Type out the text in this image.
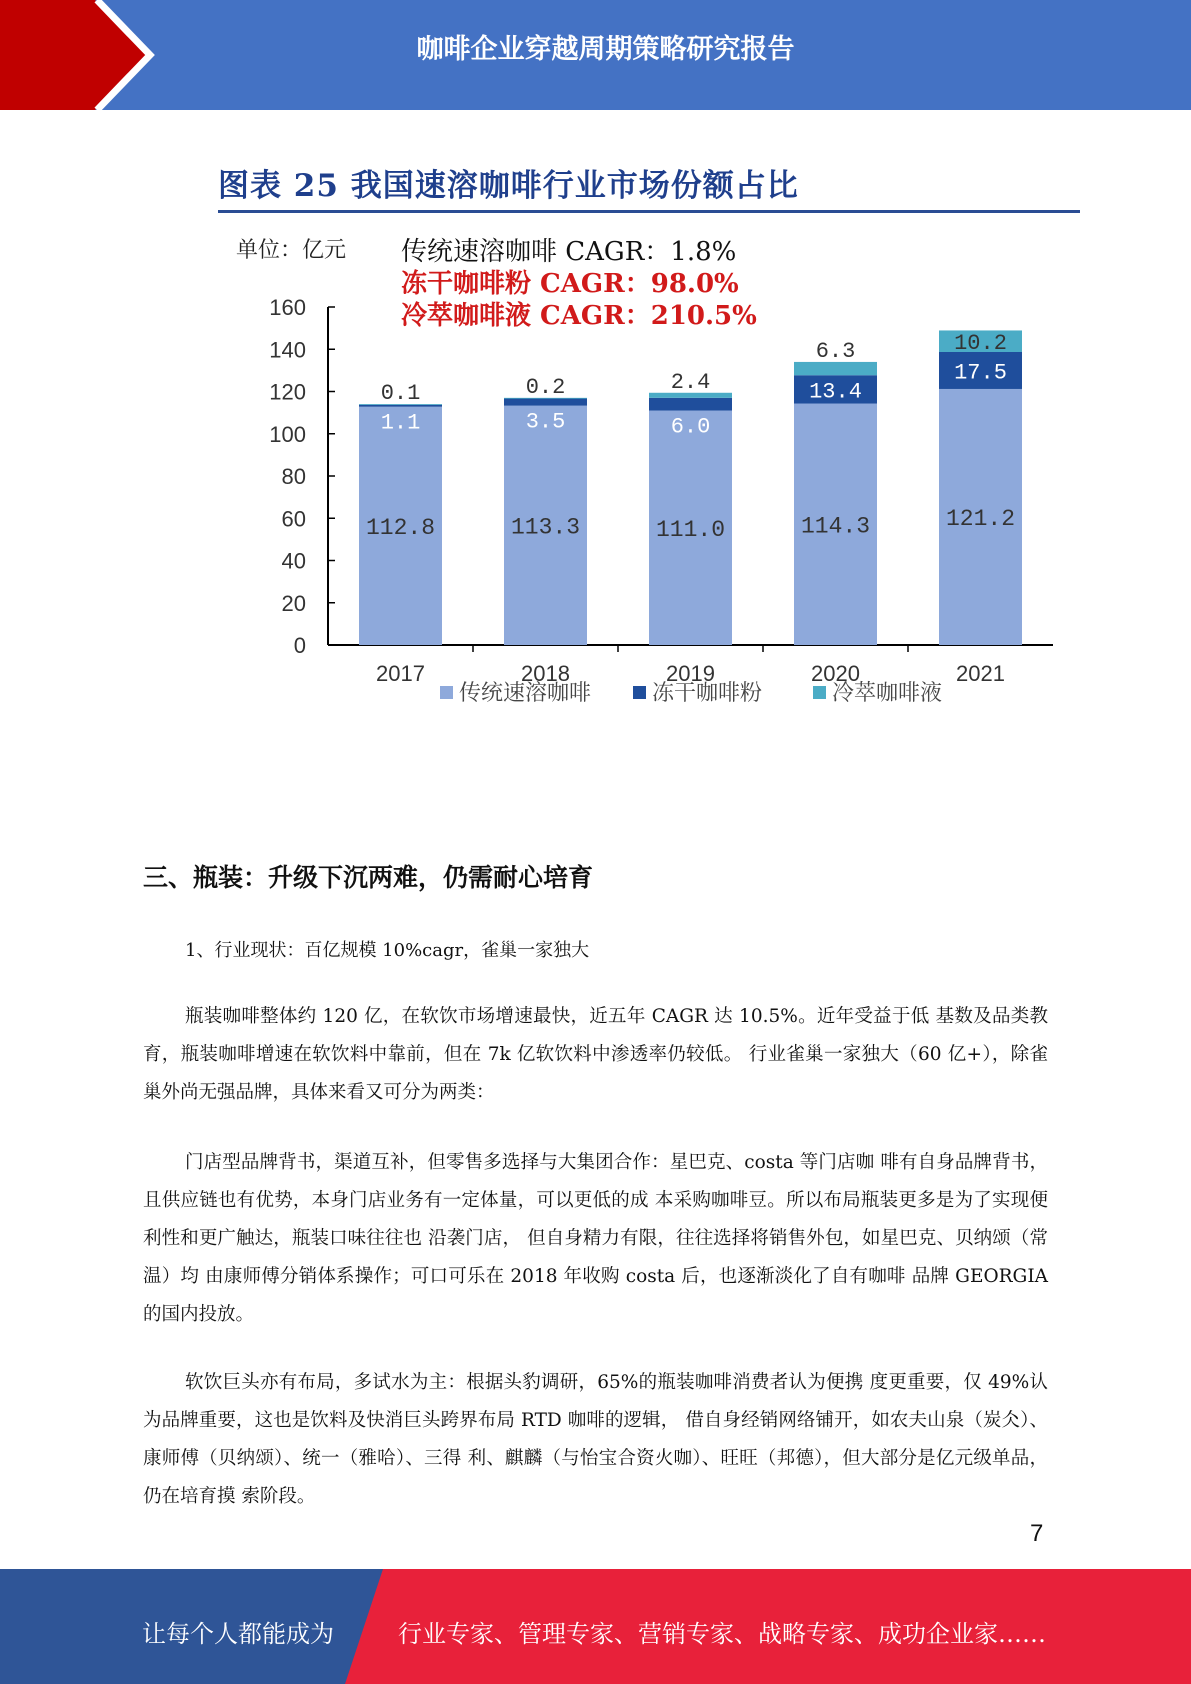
咖啡企业穿越周期策略研究报告
图表 25 我国速溶咖啡行业市场份额占比
单位：亿元 传统速溶咖啡 CAGR：1.8%
冻干咖啡粉 CAGR：98.0%
冷萃咖啡液 CAGR：210.5%
0
20
40
60
80
100
120
140
160
2017	2018	2019	2020	2021
112.8
1.1
0.1
113.3
3.5
0.2
111.0
6.0
2.4
114.3
13.4
6.3
121.2
17.5
10.2
传统速溶咖啡	冻干咖啡粉	冷萃咖啡液
三、瓶装：升级下沉两难，仍需耐心培育
1、行业现状：百亿规模 10%cagr，雀巢一家独大

瓶装咖啡整体约 120 亿，在软饮市场增速最快，近五年 CAGR 达 10.5%。近年受益于低 基数及品类教育，瓶装咖啡增速在软饮料中靠前，但在 7k 亿软饮料中渗透率仍较低。 行业雀巢一家独大（60 亿+），除雀巢外尚无强品牌，具体来看又可分为两类：

门店型品牌背书，渠道互补，但零售多选择与大集团合作：星巴克、costa 等门店咖 啡有自身品牌背书，且供应链也有优势，本身门店业务有一定体量，可以更低的成 本采购咖啡豆。所以布局瓶装更多是为了实现便利性和更广触达，瓶装口味往往也 沿袭门店， 但自身精力有限，往往选择将销售外包，如星巴克、贝纳颂（常温）均 由康师傅分销体系操作；可口可乐在 2018 年收购 costa 后，也逐渐淡化了自有咖啡 品牌 GEORGIA 的国内投放。

软饮巨头亦有布局，多试水为主：根据头豹调研，65%的瓶装咖啡消费者认为便携 度更重要，仅 49%认为品牌重要，这也是饮料及快消巨头跨界布局 RTD 咖啡的逻辑， 借自身经销网络铺开，如农夫山泉（炭仌）、康师傅（贝纳颂）、统一（雅哈）、三得 利、麒麟（与怡宝合资火咖）、旺旺（邦德），但大部分是亿元级单品，仍在培育摸 索阶段。

7
让每个人都能成为	行业专家、管理专家、营销专家、战略专家、成功企业家……
